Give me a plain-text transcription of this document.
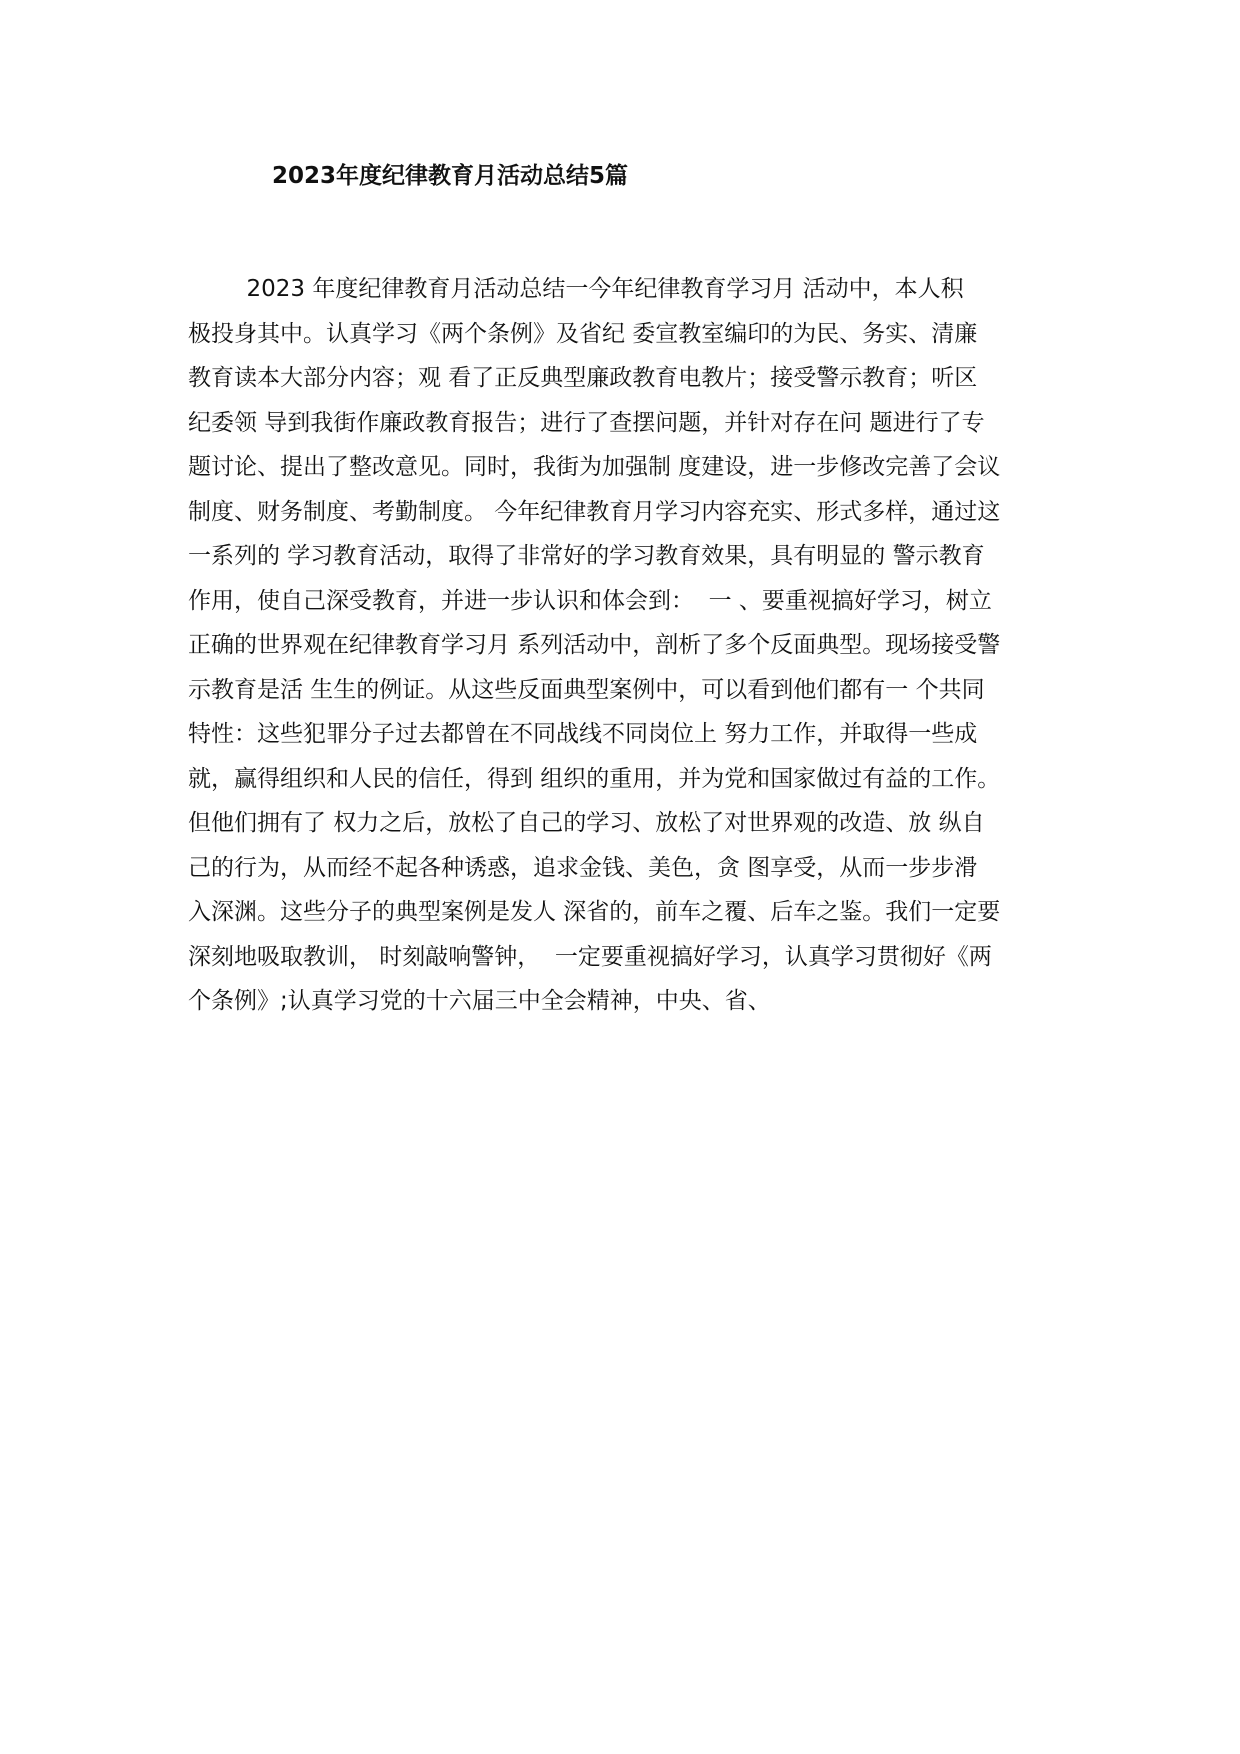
2023年度纪律教育月活动总结5篇
2023 年度纪律教育月活动总结一今年纪律教育学习月 活动中，本人积
极投身其中。认真学习《两个条例》及省纪 委宣教室编印的为民、务实、清廉
教育读本大部分内容；观 看了正反典型廉政教育电教片；接受警示教育；听区
纪委领 导到我街作廉政教育报告；进行了查摆问题，并针对存在问 题进行了专
题讨论、提出了整改意见。同时，我街为加强制 度建设，进一步修改完善了会议
制度、财务制度、考勤制度。 今年纪律教育月学习内容充实、形式多样，通过这
一系列的 学习教育活动，取得了非常好的学习教育效果，具有明显的 警示教育
作用，使自己深受教育，并进一步认识和体会到：  一 、要重视搞好学习，树立
正确的世界观在纪律教育学习月 系列活动中，剖析了多个反面典型。现场接受警
示教育是活 生生的例证。从这些反面典型案例中，可以看到他们都有一 个共同
特性：这些犯罪分子过去都曾在不同战线不同岗位上 努力工作，并取得一些成
就，赢得组织和人民的信任，得到 组织的重用，并为党和国家做过有益的工作。
但他们拥有了 权力之后，放松了自己的学习、放松了对世界观的改造、放 纵自
己的行为，从而经不起各种诱惑，追求金钱、美色，贪 图享受，从而一步步滑
入深渊。这些分子的典型案例是发人 深省的，前车之覆、后车之鉴。我们一定要
深刻地吸取教训， 时刻敲响警钟，  一定要重视搞好学习，认真学习贯彻好《两
个条例》;认真学习党的十六届三中全会精神，中央、省、
